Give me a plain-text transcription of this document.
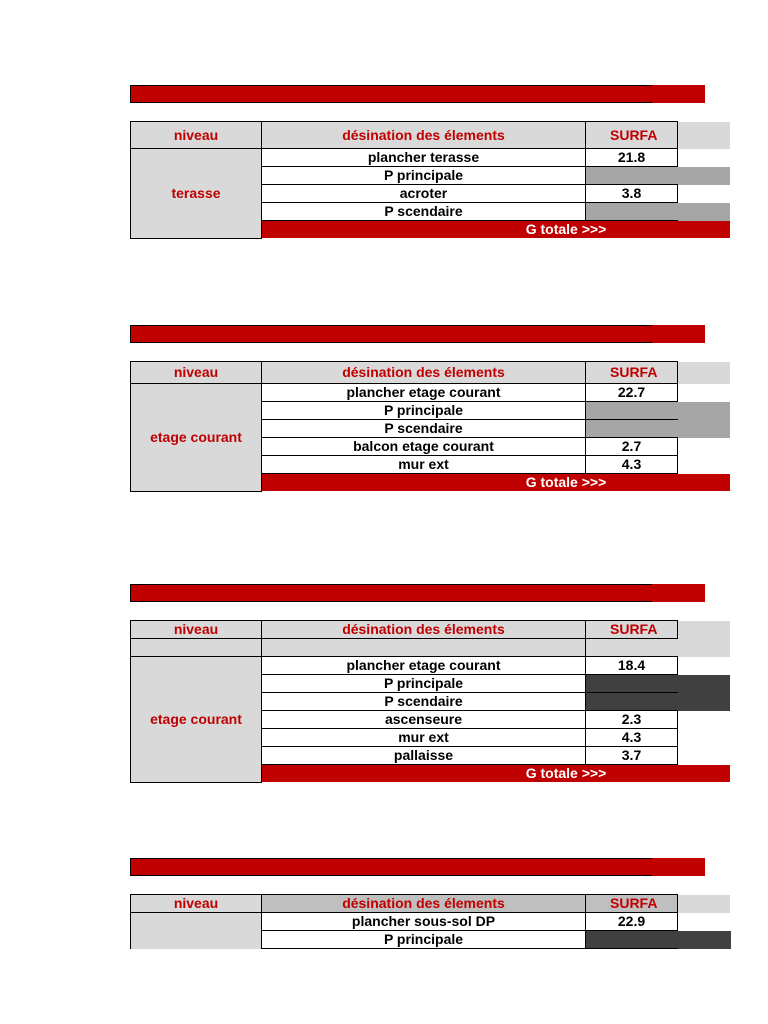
niveau	désination des élements	SURFA	
terasse	plancher terasse	21.8	
	P principale		
	acroter	3.8	
	P scendaire		
	G totale >>>		
niveau	désination des élements	SURFA	
etage courant	plancher etage courant	22.7	
	P principale		
	P scendaire		
	balcon etage courant	2.7	
	mur ext	4.3	
	G totale >>>		
niveau	désination des élements	SURFA	

etage courant	plancher etage courant	18.4	
	P principale		
	P scendaire		
	ascenseure	2.3	
	mur ext	4.3	
	pallaisse	3.7	
	G totale >>>		
niveau	désination des élements	SURFA	
	plancher sous-sol DP	22.9	
	P principale		
